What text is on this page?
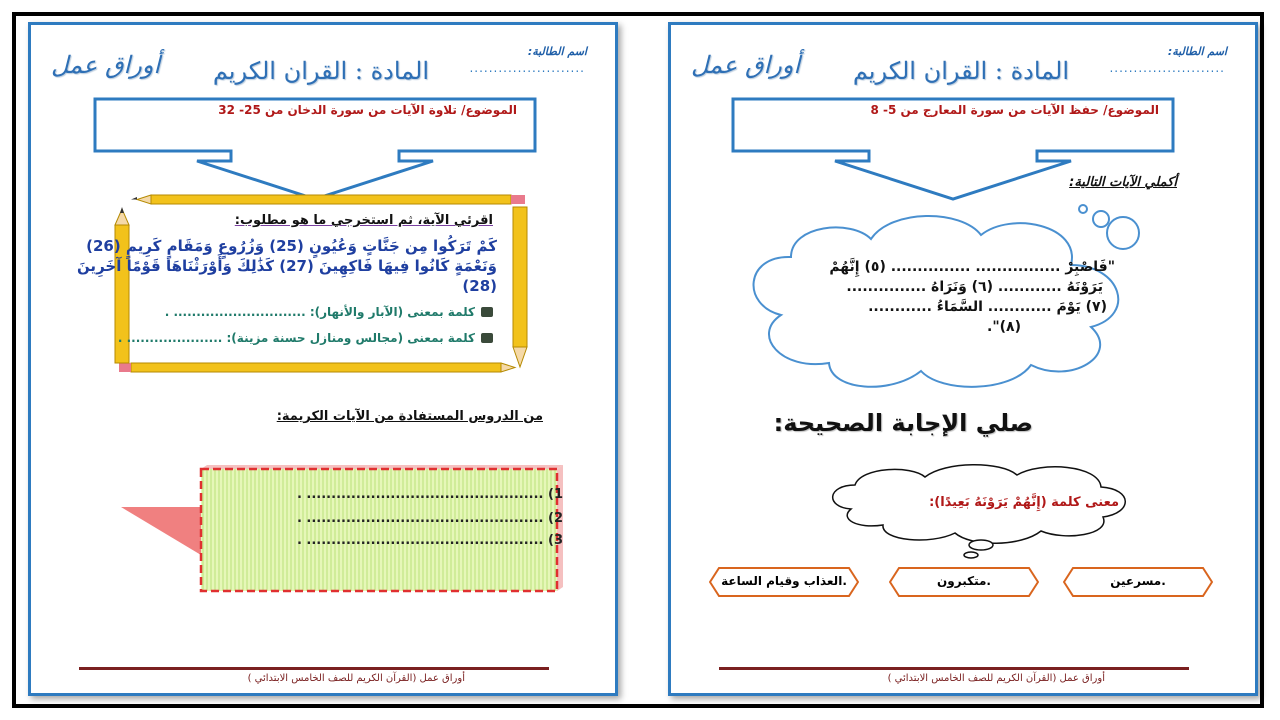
اسم الطالبة:
........................
المادة : القران الكريم
أوراق عمل
الموضوع/ تلاوة الآيات من سورة الدخان من 25- 32
اقرئي الآية، ثم استخرجي ما هو مطلوب:
كَمْ تَرَكُوا مِن جَنَّاتٍ وَعُيُونٍ (25) وَزُرُوعٍ وَمَقَامٍ كَرِيمٍ (26)
وَنَعْمَةٍ كَانُوا فِيهَا فَاكِهِينَ (27) كَذَٰلِكَ وَأَوْرَثْنَاهَا قَوْمًا آخَرِينَ
(28)
كلمة بمعنى (الآبار والأنهار): ............................. .
كلمة بمعنى (مجالس ومنازل حسنة مزينة): ..................... .
من الدروس المستفادة من الآيات الكريمة:
1) ................................................ .
2) ................................................ .
3) ................................................ .
أوراق عمل (القرآن الكريم للصف الخامس الابتدائي )
اسم الطالبة:
........................
المادة : القران الكريم
أوراق عمل
الموضوع/ حفظ الآيات من سورة المعارج من 5- 8
أكملي الآيات التالية:
"فَاصْبِرْ ................ ............... (٥) إِنَّهُمْ
يَرَوْنَهُ ............ (٦) وَنَرَاهُ ...............
(٧) يَوْمَ ............ السَّمَاءُ ............
(٨)".
صلي الإجابة الصحيحة:
معنى كلمة (إِنَّهُمْ يَرَوْنَهُ بَعِيدًا):
مسرعين.
متكبرون.
العذاب وقيام الساعة.
أوراق عمل (القرآن الكريم للصف الخامس الابتدائي )
